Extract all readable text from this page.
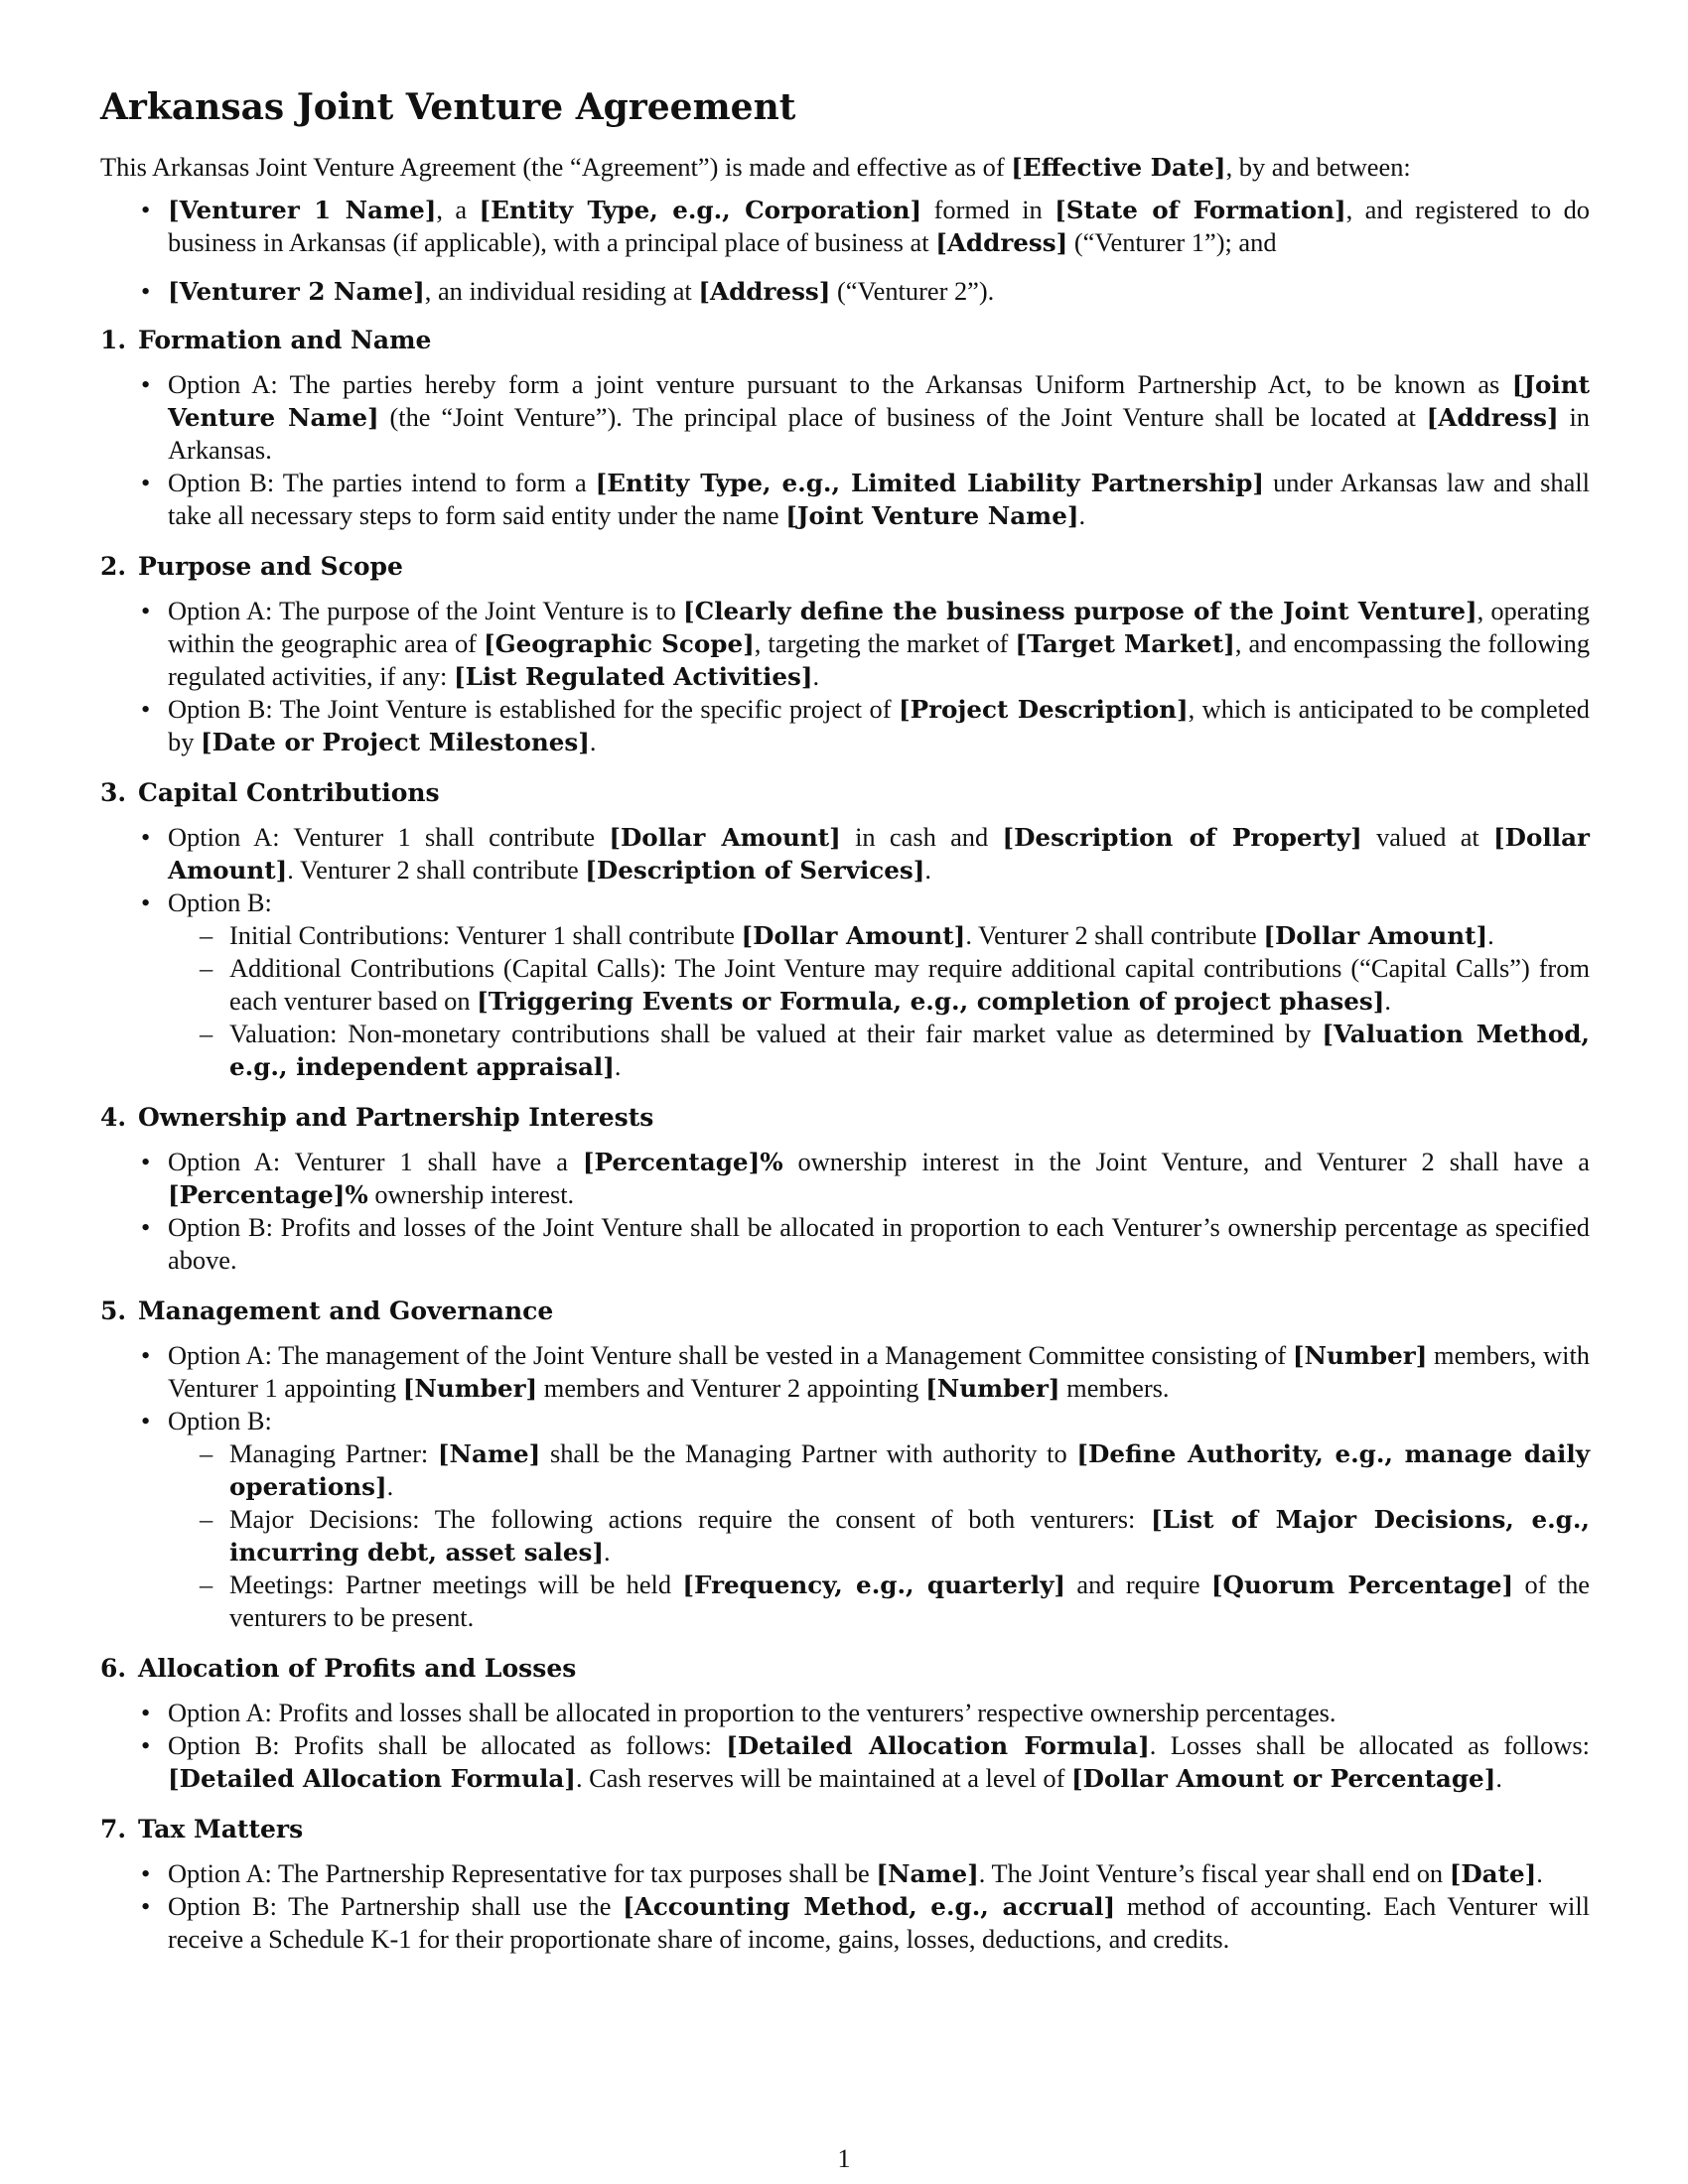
Arkansas Joint Venture Agreement

This Arkansas Joint Venture Agreement (the “Agreement”) is made and effective as of [Effective Date], by and between:

• [Venturer 1 Name], a [Entity Type, e.g., Corporation] formed in [State of Formation], and registered to do business in Arkansas (if applicable), with a principal place of business at [Address] (“Venturer 1”); and
• [Venturer 2 Name], an individual residing at [Address] (“Venturer 2”).
1. Formation and Name
• Option A: The parties hereby form a joint venture pursuant to the Arkansas Uniform Partnership Act, to be known as [Joint Venture Name] (the “Joint Venture”). The principal place of business of the Joint Venture shall be located at [Address] in Arkansas.
• Option B: The parties intend to form a [Entity Type, e.g., Limited Liability Partnership] under Arkansas law and shall take all necessary steps to form said entity under the name [Joint Venture Name].
2. Purpose and Scope
• Option A: The purpose of the Joint Venture is to [Clearly define the business purpose of the Joint Venture], operating within the geographic area of [Geographic Scope], targeting the market of [Target Market], and encompassing the following regulated activities, if any: [List Regulated Activities].
• Option B: The Joint Venture is established for the specific project of [Project Description], which is anticipated to be completed by [Date or Project Milestones].
3. Capital Contributions
• Option A: Venturer 1 shall contribute [Dollar Amount] in cash and [Description of Property] valued at [Dollar Amount]. Venturer 2 shall contribute [Description of Services].
• Option B:
– Initial Contributions: Venturer 1 shall contribute [Dollar Amount]. Venturer 2 shall contribute [Dollar Amount].
– Additional Contributions (Capital Calls): The Joint Venture may require additional capital contributions (“Capital Calls”) from each venturer based on [Triggering Events or Formula, e.g., completion of project phases].
– Valuation: Non-monetary contributions shall be valued at their fair market value as determined by [Valuation Method, e.g., independent appraisal].
4. Ownership and Partnership Interests
• Option A: Venturer 1 shall have a [Percentage]% ownership interest in the Joint Venture, and Venturer 2 shall have a [Percentage]% ownership interest.
• Option B: Profits and losses of the Joint Venture shall be allocated in proportion to each Venturer’s ownership percentage as specified above.
5. Management and Governance
• Option A: The management of the Joint Venture shall be vested in a Management Committee consisting of [Number] members, with Venturer 1 appointing [Number] members and Venturer 2 appointing [Number] members.
• Option B:
– Managing Partner: [Name] shall be the Managing Partner with authority to [Define Authority, e.g., manage daily operations].
– Major Decisions: The following actions require the consent of both venturers: [List of Major Decisions, e.g., incurring debt, asset sales].
– Meetings: Partner meetings will be held [Frequency, e.g., quarterly] and require [Quorum Percentage] of the venturers to be present.
6. Allocation of Profits and Losses
• Option A: Profits and losses shall be allocated in proportion to the venturers’ respective ownership percentages.
• Option B: Profits shall be allocated as follows: [Detailed Allocation Formula]. Losses shall be allocated as follows: [Detailed Allocation Formula]. Cash reserves will be maintained at a level of [Dollar Amount or Percentage].
7. Tax Matters
• Option A: The Partnership Representative for tax purposes shall be [Name]. The Joint Venture’s fiscal year shall end on [Date].
• Option B: The Partnership shall use the [Accounting Method, e.g., accrual] method of accounting. Each Venturer will receive a Schedule K-1 for their proportionate share of income, gains, losses, deductions, and credits.
1
